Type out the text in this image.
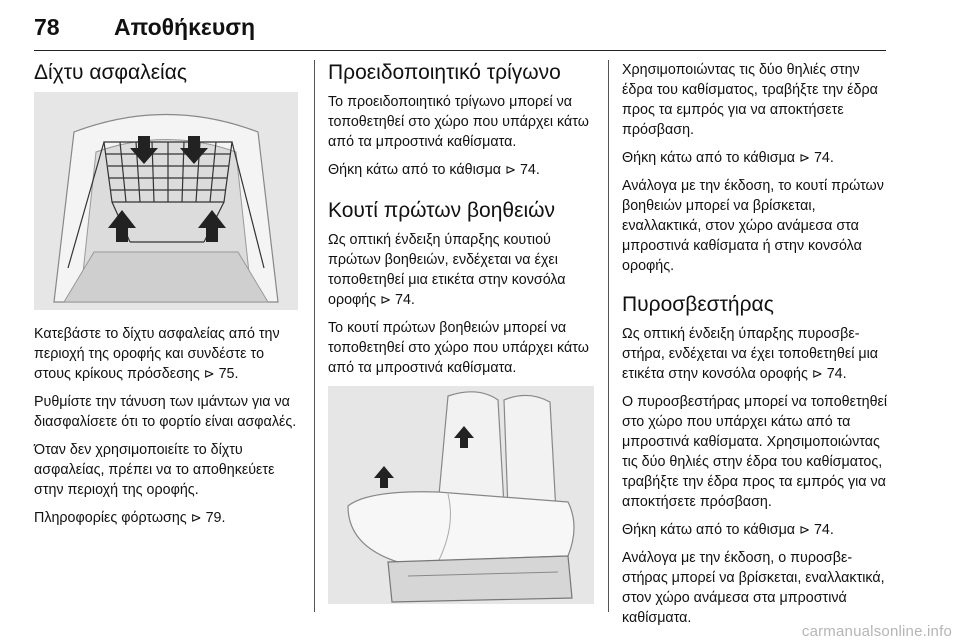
78 Αποθήκευση
Δίχτυ ασφαλείας

Κατεβάστε το δίχτυ ασφαλείας από την περιοχή της οροφής και συνδέστε τo στους κρίκους πρόσδεσης ⊳ 75.

Ρυθμίστε την τάνυση των ιμάντων για να διασφαλίσετε ότι το φορτίο είναι ασφαλές.

Όταν δεν χρησιμοποιείτε το δίχτυ ασφαλείας, πρέπει να το αποθηκεύετε στην περιοχή της οροφής.

Πληροφορίες φόρτωσης ⊳ 79.

Προειδοποιητικό τρίγωνο

Το προειδοποιητικό τρίγωνο μπορεί να τοποθετηθεί στο χώρο που υπάρχει κάτω από τα μπροστινά καθίσματα.

Θήκη κάτω από το κάθισμα ⊳ 74.

Κουτί πρώτων βοηθειών

Ως οπτική ένδειξη ύπαρξης κουτιού πρώτων βοηθειών, ενδέχεται να έχει τοποθετηθεί μια ετικέτα στην κονσόλα οροφής ⊳ 74.

Το κουτί πρώτων βοηθειών μπορεί να τοποθετηθεί στο χώρο που υπάρχει κάτω από τα μπροστινά καθίσματα.

Χρησιμοποιώντας τις δύο θηλιές στην έδρα του καθίσματος, τραβήξτε την έδρα προς τα εμπρός για να αποκτήσετε πρόσβαση.

Θήκη κάτω από το κάθισμα ⊳ 74.

Ανάλογα με την έκδοση, το κουτί πρώτων βοηθειών μπορεί να βρίσκεται, εναλλακτικά, στον χώρο ανάμεσα στα μπροστινά καθίσματα ή στην κονσόλα οροφής.

Πυροσβεστήρας

Ως οπτική ένδειξη ύπαρξης πυροσβεστήρα, ενδέχεται να έχει τοποθετηθεί μια ετικέτα στην κονσόλα οροφής ⊳ 74.

Ο πυροσβεστήρας μπορεί να τοποθετηθεί στο χώρο που υπάρχει κάτω από τα μπροστινά καθίσματα. Χρησιμοποιώντας τις δύο θηλιές στην έδρα του καθίσματος, τραβήξτε την έδρα προς τα εμπρός για να αποκτήσετε πρόσβαση.

Θήκη κάτω από το κάθισμα ⊳ 74.

Ανάλογα με την έκδοση, ο πυροσβεστήρας μπορεί να βρίσκεται, εναλλακτικά, στον χώρο ανάμεσα στα μπροστινά καθίσματα.

carmanualsonline.info
